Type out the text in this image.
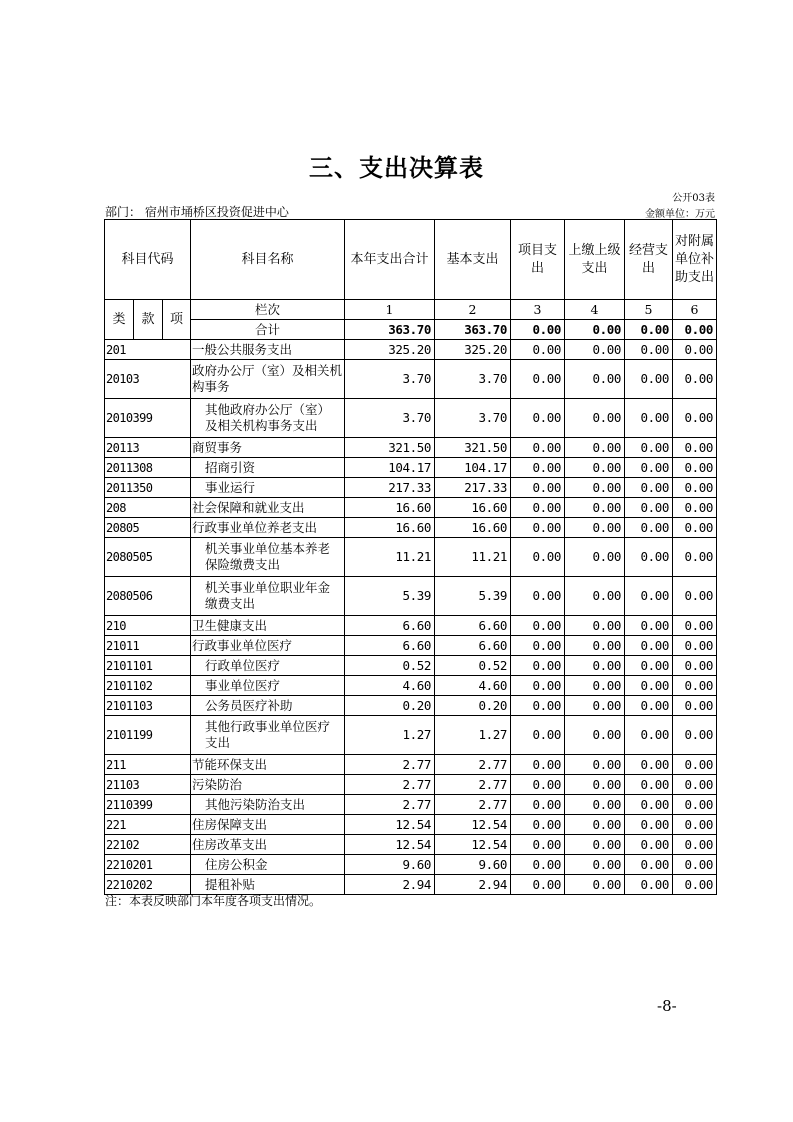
三、支出决算表
公开03表
部门： 宿州市埇桥区投资促进中心	金额单位：万元
科目代码			科目名称	本年支出合计	基本支出	项目支出	上缴上级支出	经营支出	对附属单位补助支出
类	款	项	栏次	1	2	3	4	5	6
			合计	363.70	363.70	0.00	0.00	0.00	0.00
201			一般公共服务支出	325.20	325.20	0.00	0.00	0.00	0.00
20103			政府办公厅（室）及相关机构事务	3.70	3.70	0.00	0.00	0.00	0.00
2010399			其他政府办公厅（室）及相关机构事务支出	3.70	3.70	0.00	0.00	0.00	0.00
20113			商贸事务	321.50	321.50	0.00	0.00	0.00	0.00
2011308			招商引资	104.17	104.17	0.00	0.00	0.00	0.00
2011350			事业运行	217.33	217.33	0.00	0.00	0.00	0.00
208			社会保障和就业支出	16.60	16.60	0.00	0.00	0.00	0.00
20805			行政事业单位养老支出	16.60	16.60	0.00	0.00	0.00	0.00
2080505			机关事业单位基本养老保险缴费支出	11.21	11.21	0.00	0.00	0.00	0.00
2080506			机关事业单位职业年金缴费支出	5.39	5.39	0.00	0.00	0.00	0.00
210			卫生健康支出	6.60	6.60	0.00	0.00	0.00	0.00
21011			行政事业单位医疗	6.60	6.60	0.00	0.00	0.00	0.00
2101101			行政单位医疗	0.52	0.52	0.00	0.00	0.00	0.00
2101102			事业单位医疗	4.60	4.60	0.00	0.00	0.00	0.00
2101103			公务员医疗补助	0.20	0.20	0.00	0.00	0.00	0.00
2101199			其他行政事业单位医疗支出	1.27	1.27	0.00	0.00	0.00	0.00
211			节能环保支出	2.77	2.77	0.00	0.00	0.00	0.00
21103			污染防治	2.77	2.77	0.00	0.00	0.00	0.00
2110399			其他污染防治支出	2.77	2.77	0.00	0.00	0.00	0.00
221			住房保障支出	12.54	12.54	0.00	0.00	0.00	0.00
22102			住房改革支出	12.54	12.54	0.00	0.00	0.00	0.00
2210201			住房公积金	9.60	9.60	0.00	0.00	0.00	0.00
2210202			提租补贴	2.94	2.94	0.00	0.00	0.00	0.00
注：本表反映部门本年度各项支出情况。
-8-
